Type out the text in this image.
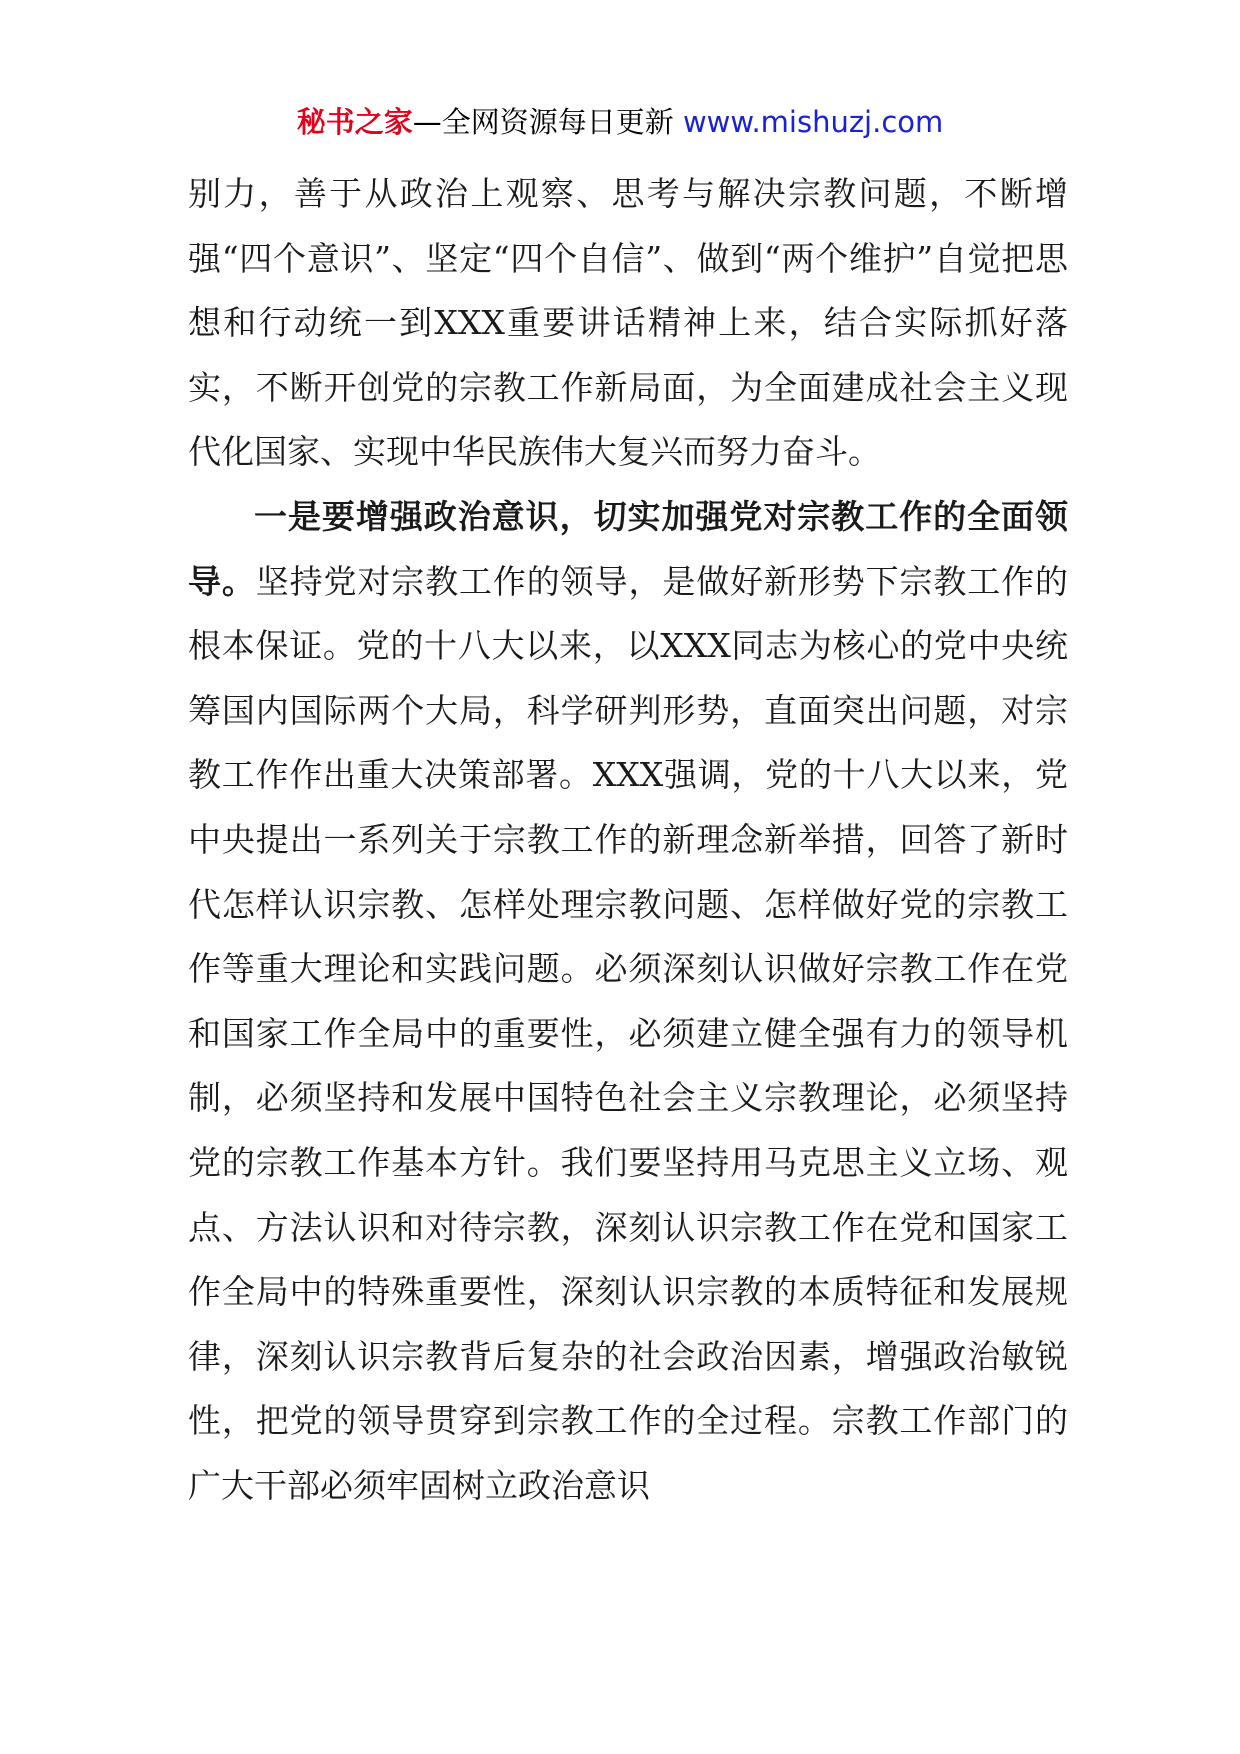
秘书之家—全网资源每日更新 www.mishuzj.com

别力，善于从政治上观察、思考与解决宗教问题，不断增强“四个意识”、坚定“四个自信”、做到“两个维护”自觉把思想和行动统一到XXX重要讲话精神上来，结合实际抓好落实，不断开创党的宗教工作新局面，为全面建成社会主义现代化国家、实现中华民族伟大复兴而努力奋斗。

一是要增强政治意识，切实加强党对宗教工作的全面领导。坚持党对宗教工作的领导，是做好新形势下宗教工作的根本保证。党的十八大以来，以XXX同志为核心的党中央统筹国内国际两个大局，科学研判形势，直面突出问题，对宗教工作作出重大决策部署。XXX强调，党的十八大以来，党中央提出一系列关于宗教工作的新理念新举措，回答了新时代怎样认识宗教、怎样处理宗教问题、怎样做好党的宗教工作等重大理论和实践问题。必须深刻认识做好宗教工作在党和国家工作全局中的重要性，必须建立健全强有力的领导机制，必须坚持和发展中国特色社会主义宗教理论，必须坚持党的宗教工作基本方针。我们要坚持用马克思主义立场、观点、方法认识和对待宗教，深刻认识宗教工作在党和国家工作全局中的特殊重要性，深刻认识宗教的本质特征和发展规律，深刻认识宗教背后复杂的社会政治因素，增强政治敏锐性，把党的领导贯穿到宗教工作的全过程。宗教工作部门的广大干部必须牢固树立政治意识
